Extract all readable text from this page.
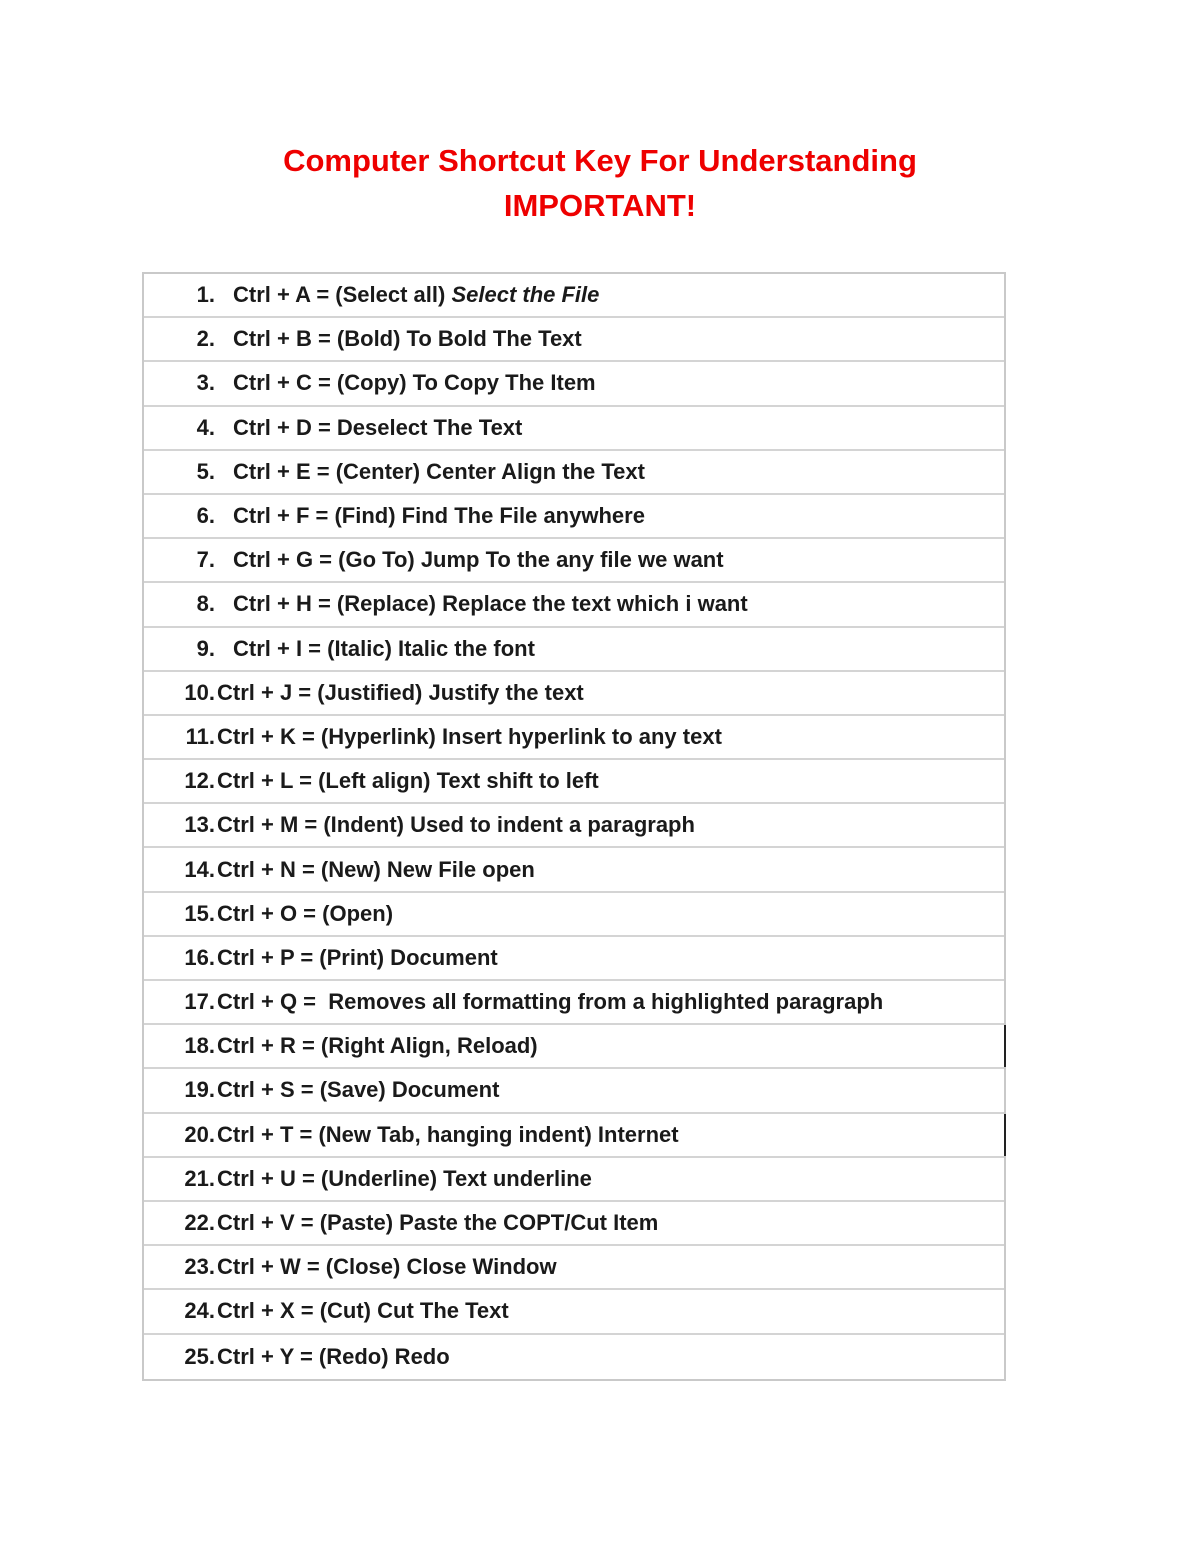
Computer Shortcut Key For Understanding
IMPORTANT!
1. Ctrl + A = (Select all) Select the File
2. Ctrl + B = (Bold) To Bold The Text
3. Ctrl + C = (Copy) To Copy The Item
4. Ctrl + D = Deselect The Text
5. Ctrl + E = (Center) Center Align the Text
6. Ctrl + F = (Find) Find The File anywhere
7. Ctrl + G = (Go To) Jump To the any file we want
8. Ctrl + H = (Replace) Replace the text which i want
9. Ctrl + I = (Italic) Italic the font
10. Ctrl + J = (Justified) Justify the text
11. Ctrl + K = (Hyperlink) Insert hyperlink to any text
12. Ctrl + L = (Left align) Text shift to left
13. Ctrl + M = (Indent) Used to indent a paragraph
14. Ctrl + N = (New) New File open
15. Ctrl + O = (Open)
16. Ctrl + P = (Print) Document
17. Ctrl + Q =  Removes all formatting from a highlighted paragraph
18. Ctrl + R = (Right Align, Reload)
19. Ctrl + S = (Save) Document
20. Ctrl + T = (New Tab, hanging indent) Internet
21. Ctrl + U = (Underline) Text underline
22. Ctrl + V = (Paste) Paste the COPT/Cut Item
23. Ctrl + W = (Close) Close Window
24. Ctrl + X = (Cut) Cut The Text
25. Ctrl + Y = (Redo) Redo
